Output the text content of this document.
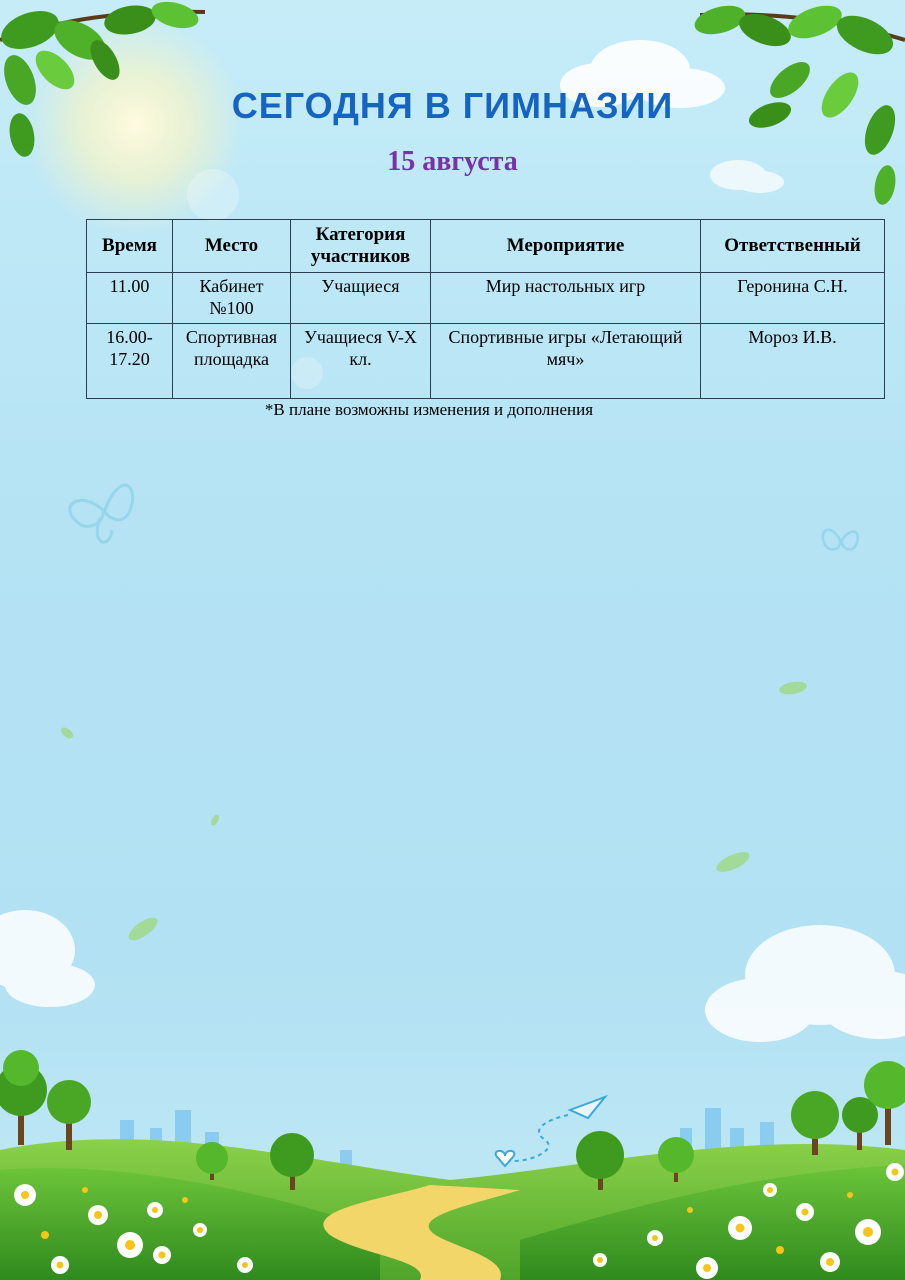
СЕГОДНЯ В ГИМНАЗИИ
15 августа
Время	Место	Категория участников	Мероприятие	Ответственный
11.00	Кабинет №100	Учащиеся	Мир настольных игр	Геронина С.Н.
16.00-17.20	Спортивная площадка	Учащиеся V-X кл.	Спортивные игры «Летающий мяч»	Мороз И.В.
*В плане возможны изменения и дополнения
